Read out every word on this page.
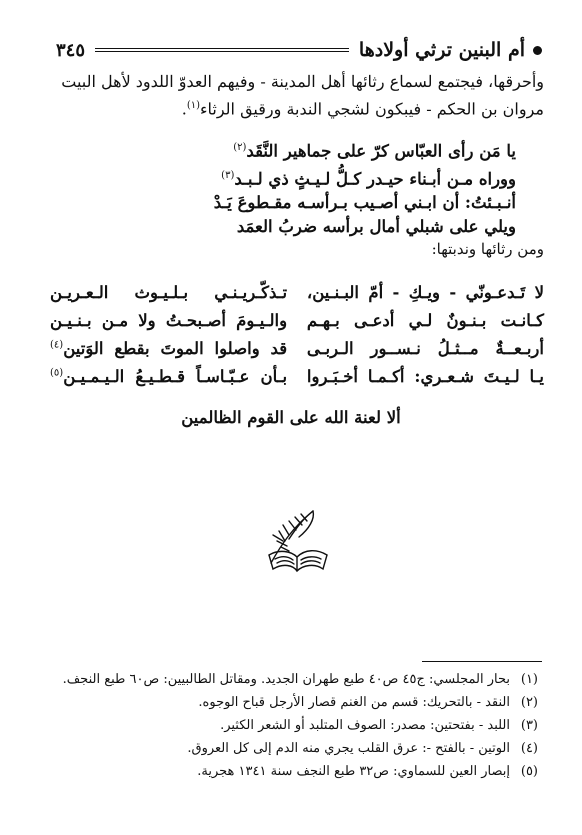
أم البنين ترثي أولادها
٣٤٥
وأحرقها، فيجتمع لسماع رثائها أهل المدينة - وفيهم العدوّ اللدود لأهل البيت
مروان بن الحكم - فيبكون لشجي الندبة ورقيق الرثاء$^{(١)}$.
يا مَن رأى العبّاس كرّ على جماهير النَّقَد$^{(٢)}$
ووراه مـن أبـناء حيـدر كـلُّ لـيـثٍ ذي لـبـد$^{(٣)}$
أنـبـئتُ: أن ابـني أصـيب بـرأسـه مقـطوعَ يَـدْ
ويلي على شبلي أمال برأسه ضربُ العمَد
ومن رثائها وندبتها:
لا تَـدعـونّي - ويـكِ - أمّ البـنـين،
تـذكّـريـنـي بـلـيـوث الـعـريـن
كـانـت بـنـونٌ لـي أدعـى بـهـم
والـيـومَ أصـبحـتُ ولا مـن بـنـيـن
أربـعــةٌ مــثـلُ نـســور الـربـى
قد واصلوا الموتَ بقطع الوَتين$^{(٤)}$
يـا لـيـتَ شـعـري: أكـمـا أخـبَـروا
بـأن عـبّـاسـاً قـطـيـعُ الـيـمـيـن$^{(٥)}$
ألا لعنة الله على القوم الظالمين
(١)بحار المجلسي: ج٤٥ ص٤٠ طبع طهران الجديد. ومقاتل الطالبيين: ص٦٠ طبع النجف.
(٢)النقد - بالتحريك: قسم من الغنم قصار الأرجل قباح الوجوه.
(٣)اللبد - بفتحتين: مصدر: الصوف المتلبد أو الشعر الكثير.
(٤)الوتين - بالفتح -: عرق القلب يجري منه الدم إلى كل العروق.
(٥)إبصار العين للسماوي: ص٣٢ طبع النجف سنة ١٣٤١ هجرية.
